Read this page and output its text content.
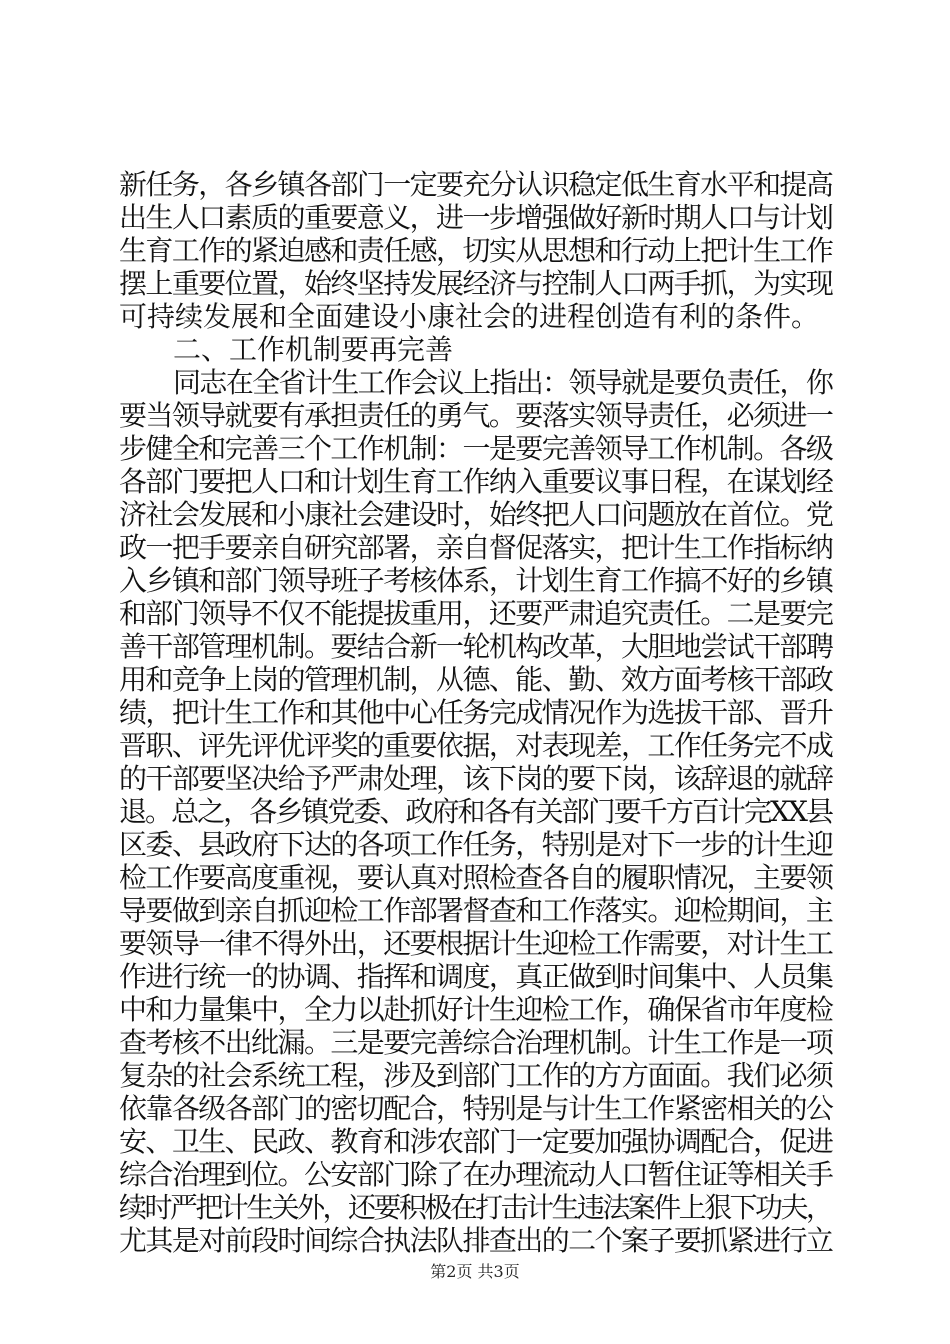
新任务，各乡镇各部门一定要充分认识稳定低生育水平和提高
出生人口素质的重要意义，进一步增强做好新时期人口与计划
生育工作的紧迫感和责任感，切实从思想和行动上把计生工作
摆上重要位置，始终坚持发展经济与控制人口两手抓，为实现
可持续发展和全面建设小康社会的进程创造有利的条件。
二、工作机制要再完善
同志在全省计生工作会议上指出：领导就是要负责任，你
要当领导就要有承担责任的勇气。要落实领导责任，必须进一
步健全和完善三个工作机制：一是要完善领导工作机制。各级
各部门要把人口和计划生育工作纳入重要议事日程，在谋划经
济社会发展和小康社会建设时，始终把人口问题放在首位。党
政一把手要亲自研究部署，亲自督促落实，把计生工作指标纳
入乡镇和部门领导班子考核体系，计划生育工作搞不好的乡镇
和部门领导不仅不能提拔重用，还要严肃追究责任。二是要完
善干部管理机制。要结合新一轮机构改革，大胆地尝试干部聘
用和竞争上岗的管理机制，从德、能、勤、效方面考核干部政
绩，把计生工作和其他中心任务完成情况作为选拔干部、晋升
晋职、评先评优评奖的重要依据，对表现差，工作任务完不成
的干部要坚决给予严肃处理，该下岗的要下岗，该辞退的就辞
退。总之，各乡镇党委、政府和各有关部门要千方百计完XX县
区委、县政府下达的各项工作任务，特别是对下一步的计生迎
检工作要高度重视，要认真对照检查各自的履职情况，主要领
导要做到亲自抓迎检工作部署督查和工作落实。迎检期间，主
要领导一律不得外出，还要根据计生迎检工作需要，对计生工
作进行统一的协调、指挥和调度，真正做到时间集中、人员集
中和力量集中，全力以赴抓好计生迎检工作，确保省市年度检
查考核不出纰漏。三是要完善综合治理机制。计生工作是一项
复杂的社会系统工程，涉及到部门工作的方方面面。我们必须
依靠各级各部门的密切配合，特别是与计生工作紧密相关的公
安、卫生、民政、教育和涉农部门一定要加强协调配合，促进
综合治理到位。公安部门除了在办理流动人口暂住证等相关手
续时严把计生关外，还要积极在打击计生违法案件上狠下功夫，
尤其是对前段时间综合执法队排查出的二个案子要抓紧进行立
第2页 共3页
